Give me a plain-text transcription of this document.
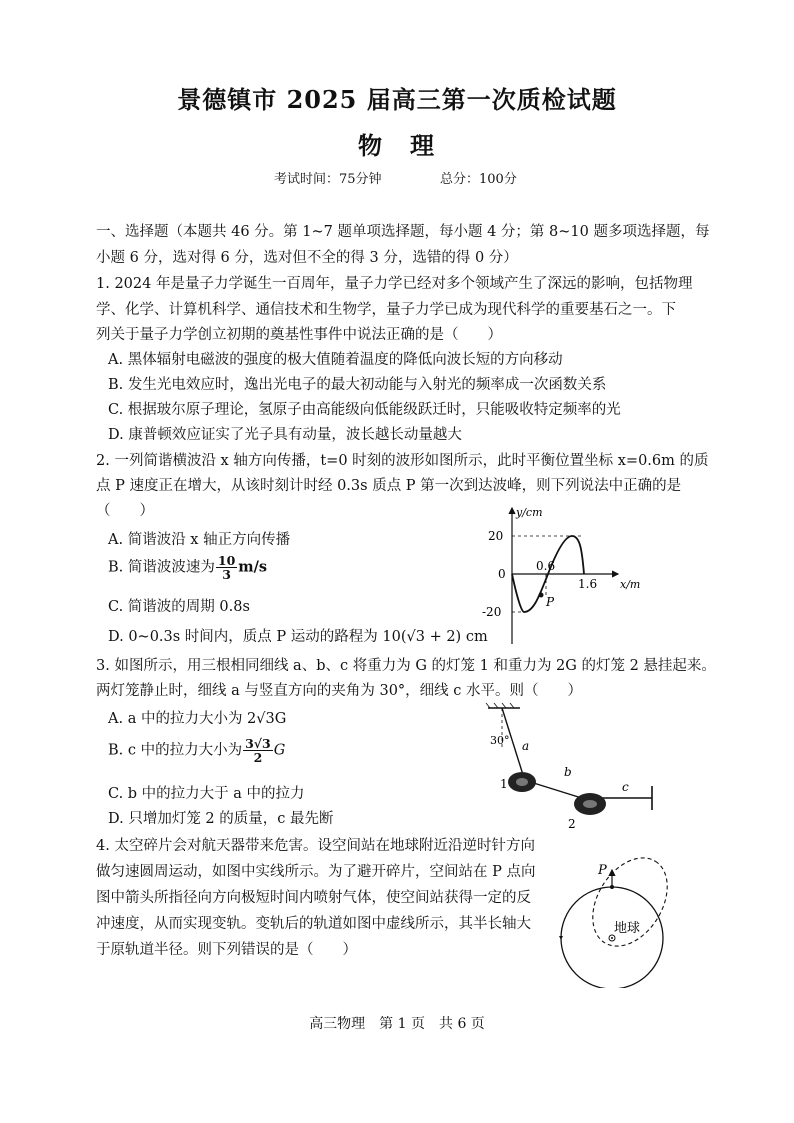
景德镇市 2025 届高三第一次质检试题
物　理
考试时间：75分钟	总分：100分
一、选择题（本题共 46 分。第 1~7 题单项选择题，每小题 4 分；第 8~10 题多项选择题，每
小题 6 分，选对得 6 分，选对但不全的得 3 分，选错的得 0 分）
1. 2024 年是量子力学诞生一百周年，量子力学已经对多个领域产生了深远的影响，包括物理
学、化学、计算机科学、通信技术和生物学，量子力学已成为现代科学的重要基石之一。下
列关于量子力学创立初期的奠基性事件中说法正确的是（　　）
A. 黑体辐射电磁波的强度的极大值随着温度的降低向波长短的方向移动
B. 发生光电效应时，逸出光电子的最大初动能与入射光的频率成一次函数关系
C. 根据玻尔原子理论，氢原子由高能级向低能级跃迁时，只能吸收特定频率的光
D. 康普顿效应证实了光子具有动量，波长越长动量越大
2. 一列简谐横波沿 x 轴方向传播，t=0 时刻的波形如图所示，此时平衡位置坐标 x=0.6m 的质
点 P 速度正在增大，从该时刻计时经 0.3s 质点 P 第一次到达波峰，则下列说法中正确的是
（　　）
A. 简谐波沿 x 轴正方向传播
B. 简谐波波速为 $\frac{10}{3} m/s$
C. 简谐波的周期 0.8s
D. 0~0.3s 时间内，质点 P 运动的路程为 10(√3 + 2) cm
y/cm
x/m
20
-20
0
0.6
1.6
P
3. 如图所示，用三根相同细线 a、b、c 将重力为 G 的灯笼 1 和重力为 2G 的灯笼 2 悬挂起来。
两灯笼静止时，细线 a 与竖直方向的夹角为 30°，细线 c 水平。则（　　）
A. a 中的拉力大小为 2√3G
B. c 中的拉力大小为 $\frac{3√3}{2}$ G
C. b 中的拉力大于 a 中的拉力
D. 只增加灯笼 2 的质量，c 最先断
30° a
b
c
1
2
4. 太空碎片会对航天器带来危害。设空间站在地球附近沿逆时针方向
做匀速圆周运动，如图中实线所示。为了避开碎片，空间站在 P 点向
图中箭头所指径向方向极短时间内喷射气体，使空间站获得一定的反
冲速度，从而实现变轨。变轨后的轨道如图中虚线所示，其半长轴大
于原轨道半径。则下列错误的是（　　）
P
地球
高三物理　第 1 页　共 6 页
